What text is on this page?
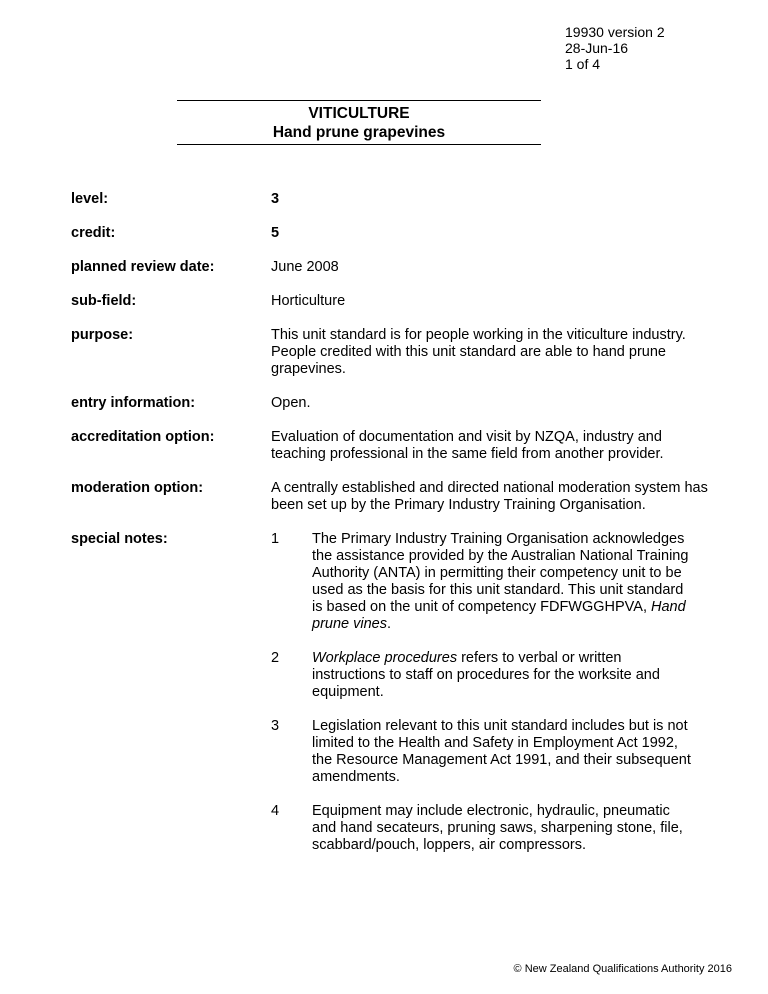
19930 version 2
28-Jun-16
1 of 4
VITICULTURE
Hand prune grapevines
level:	3
credit:	5
planned review date:	June 2008
sub-field:	Horticulture
purpose:	This unit standard is for people working in the viticulture industry. People credited with this unit standard are able to hand prune grapevines.
entry information:	Open.
accreditation option:	Evaluation of documentation and visit by NZQA, industry and teaching professional in the same field from another provider.
moderation option:	A centrally established and directed national moderation system has been set up by the Primary Industry Training Organisation.
special notes:	1	The Primary Industry Training Organisation acknowledges the assistance provided by the Australian National Training Authority (ANTA) in permitting their competency unit to be used as the basis for this unit standard. This unit standard is based on the unit of competency FDFWGGHPVA, Hand prune vines.
2	Workplace procedures refers to verbal or written instructions to staff on procedures for the worksite and equipment.
3	Legislation relevant to this unit standard includes but is not limited to the Health and Safety in Employment Act 1992, the Resource Management Act 1991, and their subsequent amendments.
4	Equipment may include electronic, hydraulic, pneumatic and hand secateurs, pruning saws, sharpening stone, file, scabbard/pouch, loppers, air compressors.
© New Zealand Qualifications Authority 2016
